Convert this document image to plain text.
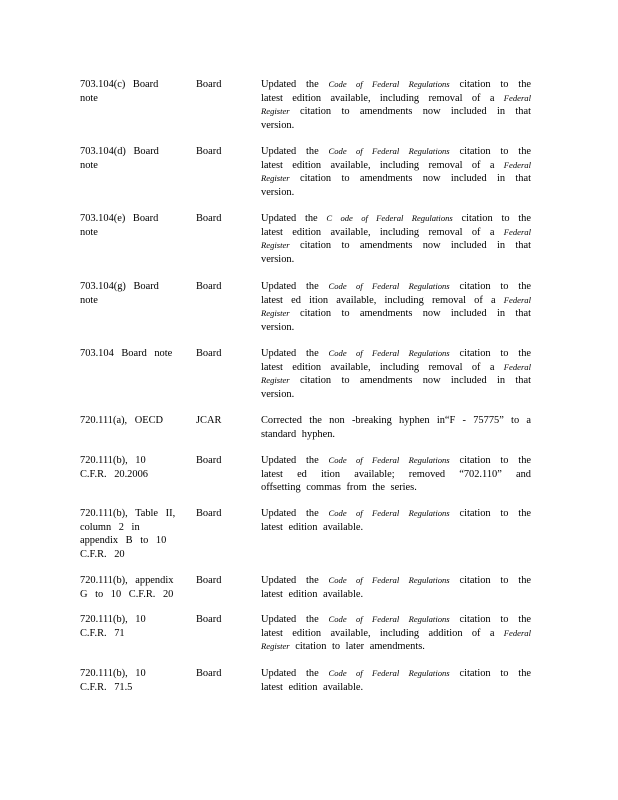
703.104(c) Board
note
Board	Updated the Code of Federal Regulations citation to the
latest edition available, including removal of a Federal
Register citation to amendments now included in that
version.
703.104(d) Board
note
Board	Updated the Code of Federal Regulations citation to the
latest edition available, including removal of a Federal
Register citation to amendments now included in that
version.
703.104(e) Board
note
Board	Updated the C ode of Federal Regulations citation to the
latest edition available, including removal of a Federal
Register citation to amendments now included in that
version.
703.104(g) Board
note
Board	Updated the Code of Federal Regulations citation to the
latest ed ition available, including removal of a Federal
Register citation to amendments now included in that
version.
703.104 Board note	Board	Updated the Code of Federal Regulations citation to the
latest edition available, including removal of a Federal
Register citation to amendments now included in that
version.
720.111(a), OECD	JCAR	Corrected the non -breaking hyphen in“F - 75775” to a
standard hyphen.
720.111(b), 10
C.F.R. 20.2006
Board	Updated the Code of Federal Regulations citation to the
latest ed ition available; removed “702.110” and
offsetting commas from the series.
720.111(b), Table II,
column 2 in
appendix B to 10
C.F.R. 20
Board	Updated the Code of Federal Regulations citation to the
latest edition available.
720.111(b), appendix
G to 10 C.F.R. 20
Board	Updated the Code of Federal Regulations citation to the
latest edition available.
720.111(b), 10
C.F.R. 71
Board	Updated the Code of Federal Regulations citation to the
latest edition available, including addition of a Federal
Register citation to later amendments.
720.111(b), 10
C.F.R. 71.5
Board	Updated the Code of Federal Regulations citation to the
latest edition available.
